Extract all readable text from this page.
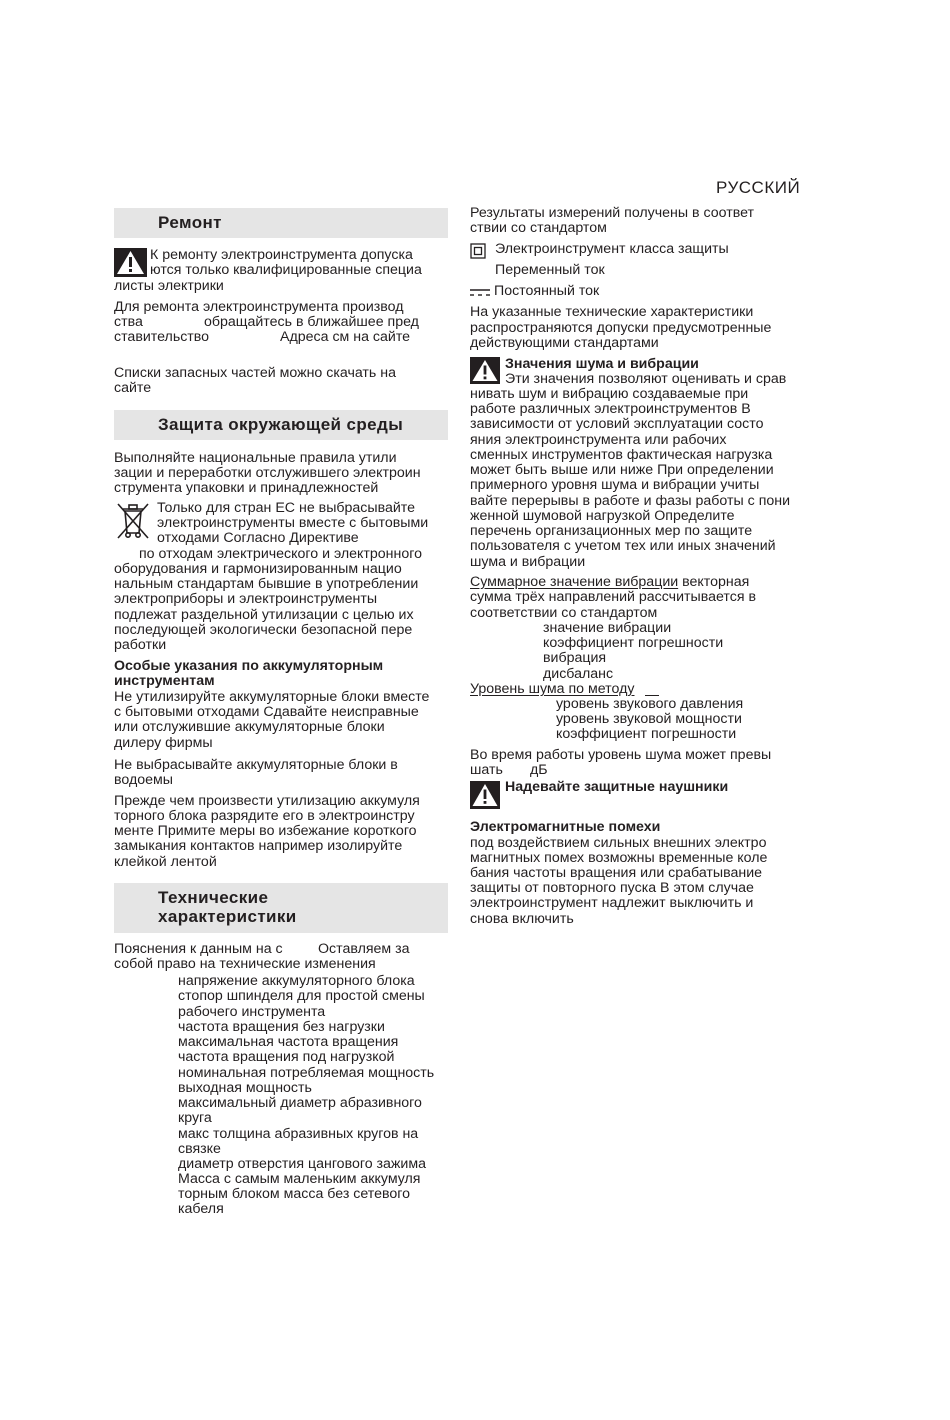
РУССКИЙ
Ремонт
К ремонту электроинструмента допуска
ются только квалифицированные специа
листы электрики
Для ремонта электроинструмента производ
ства	обращайтесь в ближайшее пред
ставительство	Адреса см на сайте
Списки запасных частей можно скачать на
сайте
Защита окружающей среды
Выполняйте национальные правила утили
зации и переработки отслужившего электроин
струмента упаковки и принадлежностей
Только для стран ЕС не выбрасывайте
электроинструменты вместе с бытовыми
отходами Согласно Директиве
по отходам электрического и электронного
оборудования и гармонизированным нацио
нальным стандартам бывшие в употреблении
электроприборы и электроинструменты
подлежат раздельной утилизации с целью их
последующей экологически безопасной пере
работки
Особые указания по аккумуляторным
инструментам
Не утилизируйте аккумуляторные блоки вместе
с бытовыми отходами Сдавайте неисправные
или отслужившие аккумуляторные блоки
дилеру фирмы
Не выбрасывайте аккумуляторные блоки в
водоемы
Прежде чем произвести утилизацию аккумуля
торного блока разрядите его в электроинстру
менте Примите меры во избежание короткого
замыкания контактов например изолируйте
клейкой лентой
Технические
характеристики
Пояснения к данным на с Оставляем за
собой право на технические изменения
напряжение аккумуляторного блока
стопор шпинделя для простой смены
рабочего инструмента
частота вращения без нагрузки
максимальная частота вращения
частота вращения под нагрузкой
номинальная потребляемая мощность
выходная мощность
максимальный диаметр абразивного
круга
макс толщина абразивных кругов на
связке
диаметр отверстия цангового зажима
Масса с самым маленьким аккумуля
торным блоком масса без сетевого
кабеля
Результаты измерений получены в соответ
ствии со стандартом
Электроинструмент класса защиты
Переменный ток
Постоянный ток
На указанные технические характеристики
распространяются допуски предусмотренные
действующими стандартами
Значения шума и вибрации
Эти значения позволяют оценивать и срав
нивать шум и вибрацию создаваемые при
работе различных электроинструментов В
зависимости от условий эксплуатации состо
яния электроинструмента или рабочих
сменных инструментов фактическая нагрузка
может быть выше или ниже При определении
примерного уровня шума и вибрации учиты
вайте перерывы в работе и фазы работы с пони
женной шумовой нагрузкой Определите
перечень организационных мер по защите
пользователя с учетом тех или иных значений
шума и вибрации
Суммарное значение вибрации векторная
сумма трёх направлений рассчитывается в
соответствии со стандартом
значение вибрации
коэффициент погрешности
вибрация
дисбаланс
Уровень шума по методу
уровень звукового давления
уровень звуковой мощности
коэффициент погрешности
Во время работы уровень шума может превы
шать дБ
Надевайте защитные наушники
Электромагнитные помехи
под воздействием сильных внешних электро
магнитных помех возможны временные коле
бания частоты вращения или срабатывание
защиты от повторного пуска В этом случае
электроинструмент надлежит выключить и
снова включить
